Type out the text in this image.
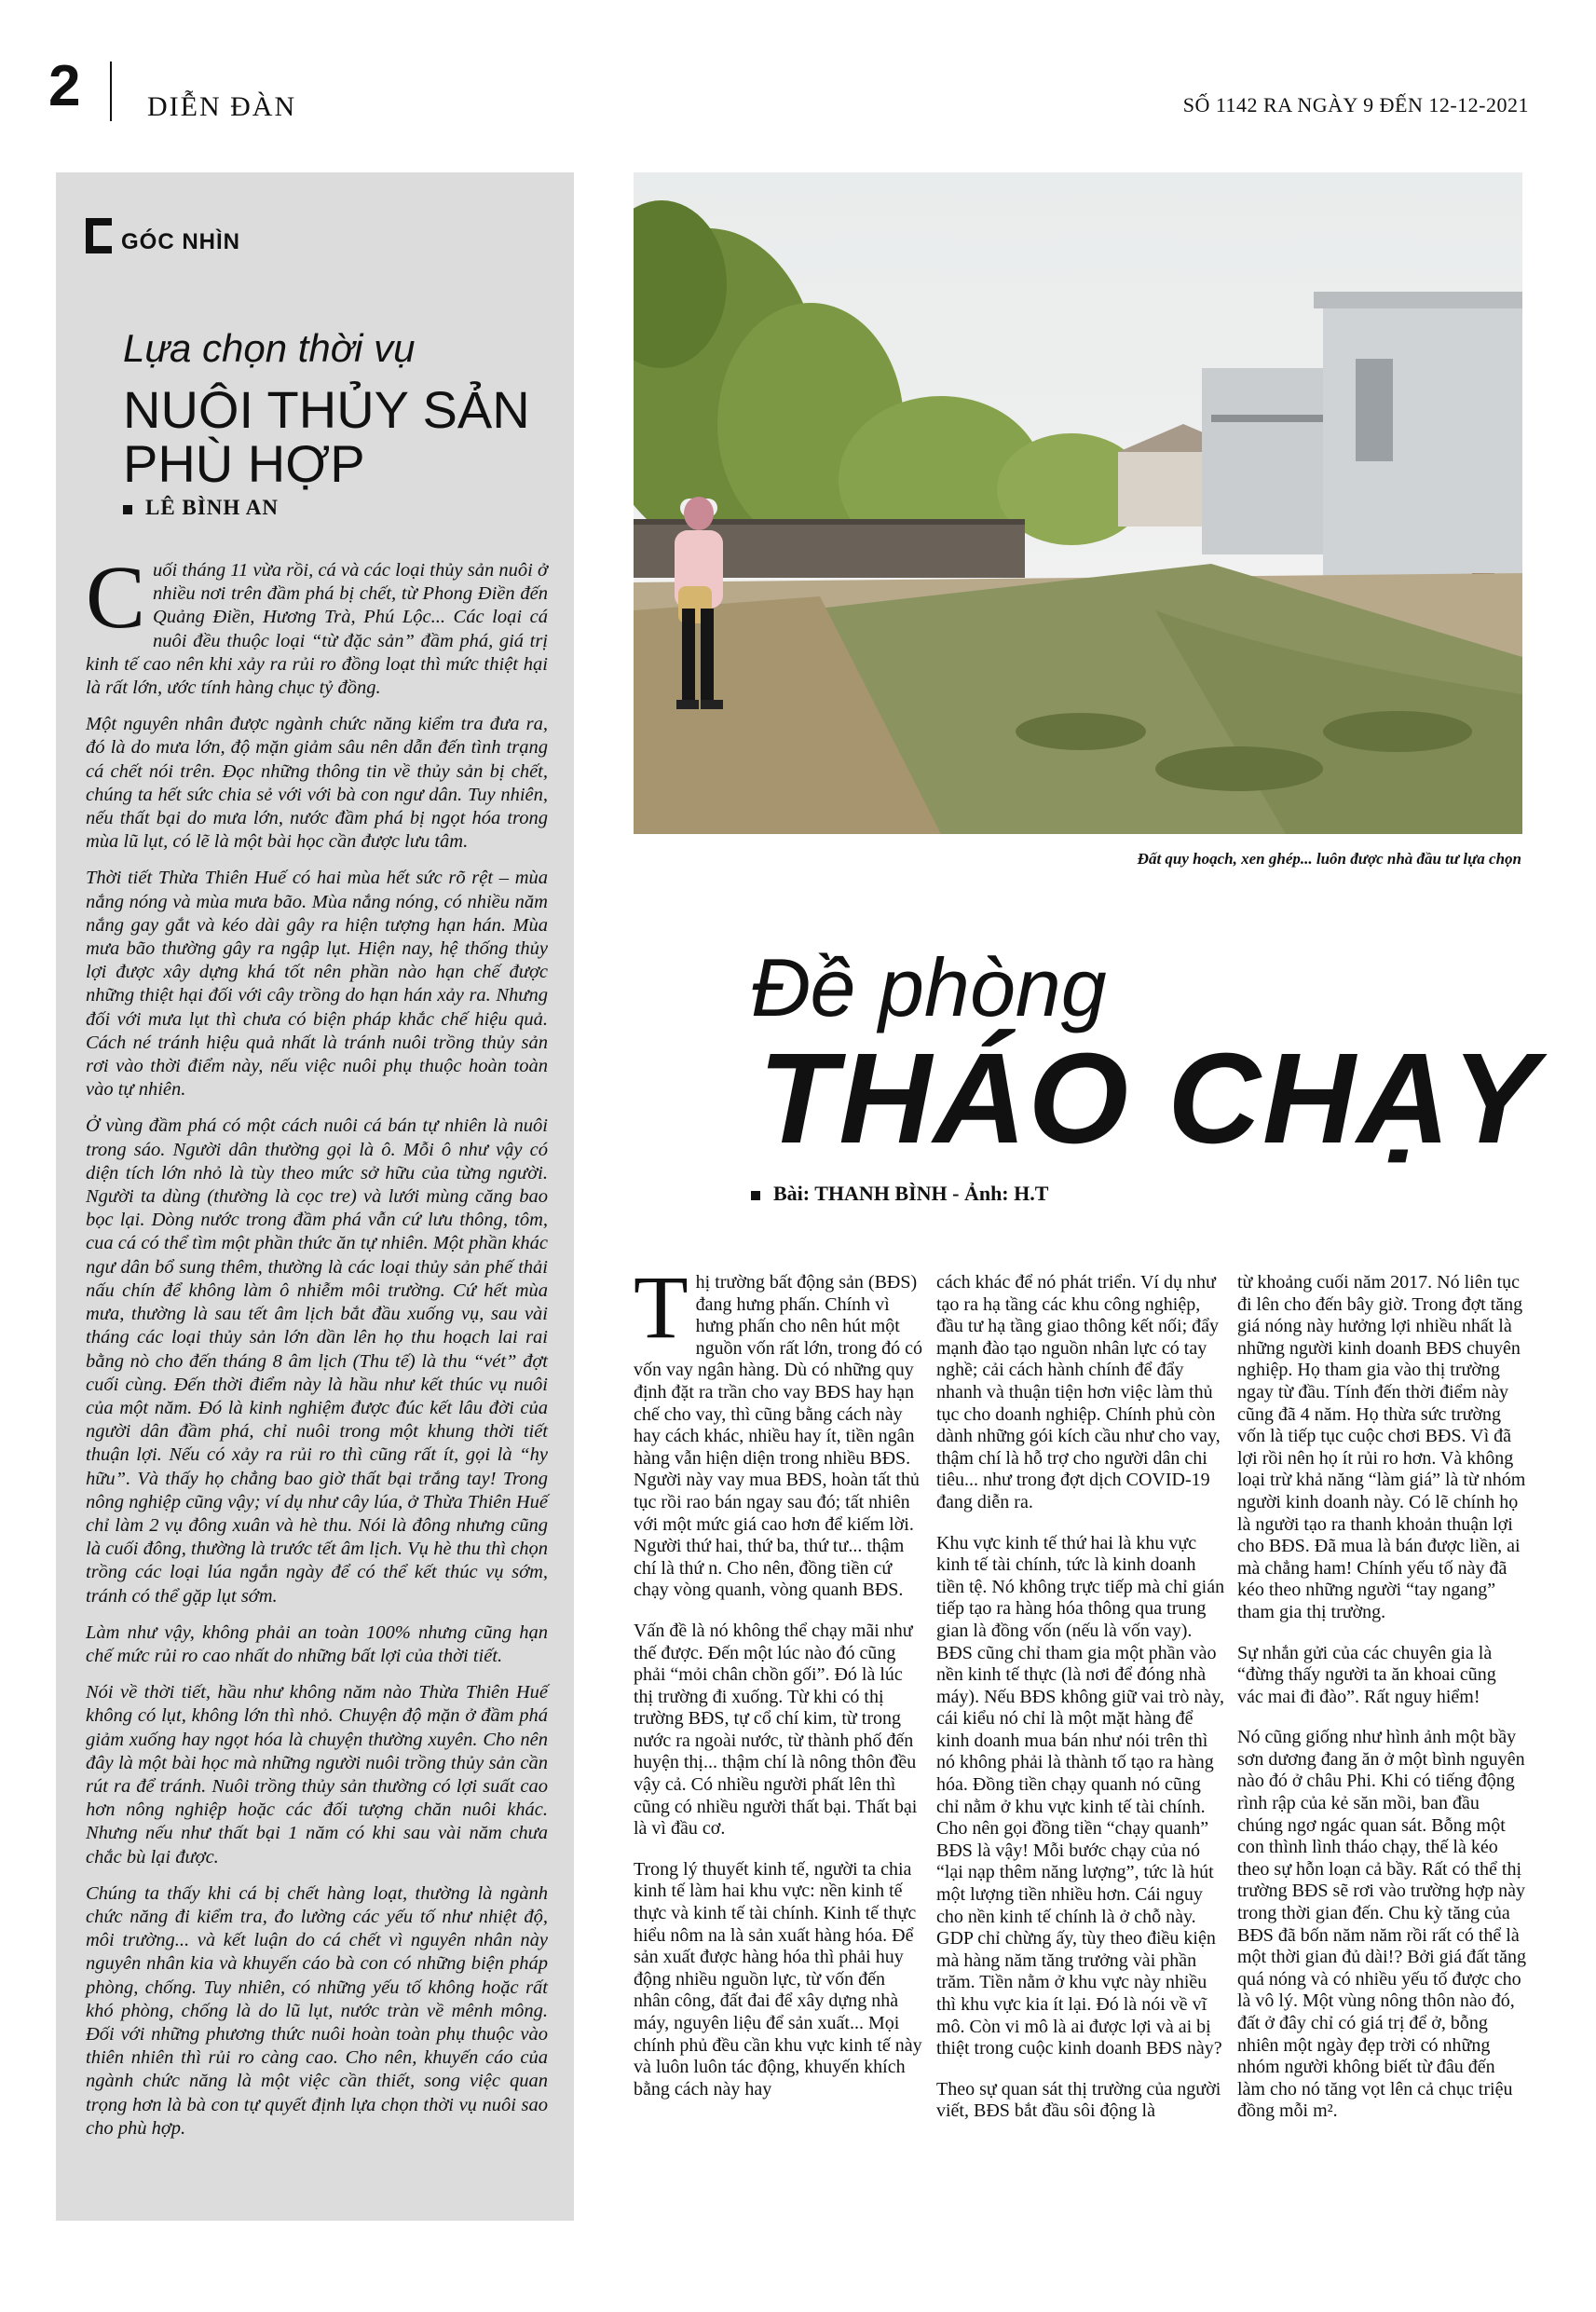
2 DIỄN ĐÀN	SỐ 1142 RA NGÀY 9 ĐẾN 12-12-2021
GÓC NHÌN
Lựa chọn thời vụ
NUÔI THỦY SẢN
PHÙ HỢP
LÊ BÌNH AN

Cuối tháng 11 vừa rồi, cá và các loại thủy sản nuôi ở nhiều nơi trên đầm phá bị chết, từ Phong Điền đến Quảng Điền, Hương Trà, Phú Lộc... Các loại cá nuôi đều thuộc loại “từ đặc sản” đầm phá, giá trị kinh tế cao nên khi xảy ra rủi ro đồng loạt thì mức thiệt hại là rất lớn, ước tính hàng chục tỷ đồng.

Một nguyên nhân được ngành chức năng kiểm tra đưa ra, đó là do mưa lớn, độ mặn giảm sâu nên dẫn đến tình trạng cá chết nói trên. Đọc những thông tin về thủy sản bị chết, chúng ta hết sức chia sẻ với với bà con ngư dân. Tuy nhiên, nếu thất bại do mưa lớn, nước đầm phá bị ngọt hóa trong mùa lũ lụt, có lẽ là một bài học cần được lưu tâm.

Thời tiết Thừa Thiên Huế có hai mùa hết sức rõ rệt – mùa nắng nóng và mùa mưa bão. Mùa nắng nóng, có nhiều năm nắng gay gắt và kéo dài gây ra hiện tượng hạn hán. Mùa mưa bão thường gây ra ngập lụt. Hiện nay, hệ thống thủy lợi được xây dựng khá tốt nên phần nào hạn chế được những thiệt hại đối với cây trồng do hạn hán xảy ra. Nhưng đối với mưa lụt thì chưa có biện pháp khắc chế hiệu quả. Cách né tránh hiệu quả nhất là tránh nuôi trồng thủy sản rơi vào thời điểm này, nếu việc nuôi phụ thuộc hoàn toàn vào tự nhiên.

Ở vùng đầm phá có một cách nuôi cá bán tự nhiên là nuôi trong sáo. Người dân thường gọi là ô. Mỗi ô như vậy có diện tích lớn nhỏ là tùy theo mức sở hữu của từng người. Người ta dùng (thường là cọc tre) và lưới mùng căng bao bọc lại. Dòng nước trong đầm phá vẫn cứ lưu thông, tôm, cua cá có thể tìm một phần thức ăn tự nhiên. Một phần khác ngư dân bổ sung thêm, thường là các loại thủy sản phế thải nấu chín để không làm ô nhiễm môi trường. Cứ hết mùa mưa, thường là sau tết âm lịch bắt đầu xuống vụ, sau vài tháng các loại thủy sản lớn dần lên họ thu hoạch lai rai bằng nò cho đến tháng 8 âm lịch (Thu tế) là thu “vét” đợt cuối cùng. Đến thời điểm này là hầu như kết thúc vụ nuôi của một năm. Đó là kinh nghiệm được đúc kết lâu đời của người dân đầm phá, chỉ nuôi trong một khung thời tiết thuận lợi. Nếu có xảy ra rủi ro thì cũng rất ít, gọi là “hy hữu”. Và thấy họ chẳng bao giờ thất bại trắng tay! Trong nông nghiệp cũng vậy; ví dụ như cây lúa, ở Thừa Thiên Huế chỉ làm 2 vụ đông xuân và hè thu. Nói là đông nhưng cũng là cuối đông, thường là trước tết âm lịch. Vụ hè thu thì chọn trồng các loại lúa ngắn ngày để có thể kết thúc vụ sớm, tránh có thể gặp lụt sớm.

Làm như vậy, không phải an toàn 100% nhưng cũng hạn chế mức rủi ro cao nhất do những bất lợi của thời tiết.

Nói về thời tiết, hầu như không năm nào Thừa Thiên Huế không có lụt, không lớn thì nhỏ. Chuyện độ mặn ở đầm phá giảm xuống hay ngọt hóa là chuyện thường xuyên. Cho nên đây là một bài học mà những người nuôi trồng thủy sản cần rút ra để tránh. Nuôi trồng thủy sản thường có lợi suất cao hơn nông nghiệp hoặc các đối tượng chăn nuôi khác. Nhưng nếu như thất bại 1 năm có khi sau vài năm chưa chắc bù lại được.

Chúng ta thấy khi cá bị chết hàng loạt, thường là ngành chức năng đi kiểm tra, đo lường các yếu tố như nhiệt độ, môi trường... và kết luận do cá chết vì nguyên nhân này nguyên nhân kia và khuyến cáo bà con có những biện pháp phòng, chống. Tuy nhiên, có những yếu tố không hoặc rất khó phòng, chống là do lũ lụt, nước tràn về mênh mông. Đối với những phương thức nuôi hoàn toàn phụ thuộc vào thiên nhiên thì rủi ro càng cao. Cho nên, khuyến cáo của ngành chức năng là một việc cần thiết, song việc quan trọng hơn là bà con tự quyết định lựa chọn thời vụ nuôi sao cho phù hợp.

Đất quy hoạch, xen ghép... luôn được nhà đầu tư lựa chọn
Đề phòng
THÁO CHẠY
Bài: THANH BÌNH - Ảnh: H.T

Thị trường bất động sản (BĐS) đang hưng phấn. Chính vì hưng phấn cho nên hút một nguồn vốn rất lớn, trong đó có vốn vay ngân hàng. Dù có những quy định đặt ra trần cho vay BĐS hay hạn chế cho vay, thì cũng bằng cách này hay cách khác, nhiều hay ít, tiền ngân hàng vẫn hiện diện trong nhiều BĐS. Người này vay mua BĐS, hoàn tất thủ tục rồi rao bán ngay sau đó; tất nhiên với một mức giá cao hơn để kiếm lời. Người thứ hai, thứ ba, thứ tư... thậm chí là thứ n. Cho nên, đồng tiền cứ chạy vòng quanh, vòng quanh BĐS.

Vấn đề là nó không thể chạy mãi như thế được. Đến một lúc nào đó cũng phải “mỏi chân chồn gối”. Đó là lúc thị trường đi xuống. Từ khi có thị trường BĐS, tự cổ chí kim, từ trong nước ra ngoài nước, từ thành phố đến huyện thị... thậm chí là nông thôn đều vậy cả. Có nhiều người phất lên thì cũng có nhiều người thất bại. Thất bại là vì đầu cơ.

Trong lý thuyết kinh tế, người ta chia kinh tế làm hai khu vực: nền kinh tế thực và kinh tế tài chính. Kinh tế thực hiểu nôm na là sản xuất hàng hóa. Để sản xuất được hàng hóa thì phải huy động nhiều nguồn lực, từ vốn đến nhân công, đất đai để xây dựng nhà máy, nguyên liệu để sản xuất... Mọi chính phủ đều cần khu vực kinh tế này và luôn luôn tác động, khuyến khích bằng cách này hay

cách khác để nó phát triển. Ví dụ như tạo ra hạ tầng các khu công nghiệp, đầu tư hạ tầng giao thông kết nối; đẩy mạnh đào tạo nguồn nhân lực có tay nghề; cải cách hành chính để đẩy nhanh và thuận tiện hơn việc làm thủ tục cho doanh nghiệp. Chính phủ còn dành những gói kích cầu như cho vay, thậm chí là hỗ trợ cho người dân chi tiêu... như trong đợt dịch COVID-19 đang diễn ra.

Khu vực kinh tế thứ hai là khu vực kinh tế tài chính, tức là kinh doanh tiền tệ. Nó không trực tiếp mà chỉ gián tiếp tạo ra hàng hóa thông qua trung gian là đồng vốn (nếu là vốn vay). BĐS cũng chỉ tham gia một phần vào nền kinh tế thực (là nơi để đóng nhà máy). Nếu BĐS không giữ vai trò này, cái kiểu nó chỉ là một mặt hàng để kinh doanh mua bán như nói trên thì nó không phải là thành tố tạo ra hàng hóa. Đồng tiền chạy quanh nó cũng chỉ nằm ở khu vực kinh tế tài chính. Cho nên gọi đồng tiền “chạy quanh” BĐS là vậy! Mỗi bước chạy của nó “lại nạp thêm năng lượng”, tức là hút một lượng tiền nhiều hơn. Cái nguy cho nền kinh tế chính là ở chỗ này. GDP chỉ chừng ấy, tùy theo điều kiện mà hàng năm tăng trưởng vài phần trăm. Tiền nằm ở khu vực này nhiều thì khu vực kia ít lại. Đó là nói về vĩ mô. Còn vi mô là ai được lợi và ai bị thiệt trong cuộc kinh doanh BĐS này?

Theo sự quan sát thị trường của người viết, BĐS bắt đầu sôi động là

từ khoảng cuối năm 2017. Nó liên tục đi lên cho đến bây giờ. Trong đợt tăng giá nóng này hưởng lợi nhiều nhất là những người kinh doanh BĐS chuyên nghiệp. Họ tham gia vào thị trường ngay từ đầu. Tính đến thời điểm này cũng đã 4 năm. Họ thừa sức trường vốn là tiếp tục cuộc chơi BĐS. Vì đã lợi rồi nên họ ít rủi ro hơn. Và không loại trừ khả năng “làm giá” là từ nhóm người kinh doanh này. Có lẽ chính họ là người tạo ra thanh khoản thuận lợi cho BĐS. Đã mua là bán được liền, ai mà chẳng ham! Chính yếu tố này đã kéo theo những người “tay ngang” tham gia thị trường.

Sự nhắn gửi của các chuyên gia là “đừng thấy người ta ăn khoai cũng vác mai đi đào”. Rất nguy hiểm!

Nó cũng giống như hình ảnh một bầy sơn dương đang ăn ở một bình nguyên nào đó ở châu Phi. Khi có tiếng động rình rập của kẻ săn mồi, ban đầu chúng ngơ ngác quan sát. Bỗng một con thình lình tháo chạy, thế là kéo theo sự hỗn loạn cả bầy. Rất có thể thị trường BĐS sẽ rơi vào trường hợp này trong thời gian đến. Chu kỳ tăng của BĐS đã bốn năm năm rồi rất có thể là một thời gian đủ dài!? Bởi giá đất tăng quá nóng và có nhiều yếu tố được cho là vô lý. Một vùng nông thôn nào đó, đất ở đây chỉ có giá trị để ở, bỗng nhiên một ngày đẹp trời có những nhóm người không biết từ đâu đến làm cho nó tăng vọt lên cả chục triệu đồng mỗi m².
